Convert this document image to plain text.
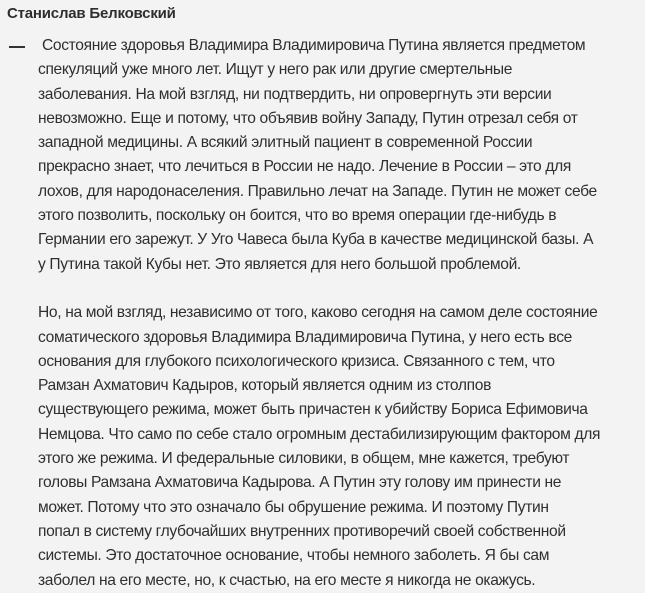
Станислав Белковский

Состояние здоровья Владимира Владимировича Путина является предметом
спекуляций уже много лет. Ищут у него рак или другие смертельные
заболевания. На мой взгляд, ни подтвердить, ни опровергнуть эти версии
невозможно. Еще и потому, что объявив войну Западу, Путин отрезал себя от
западной медицины. А всякий элитный пациент в современной России
прекрасно знает, что лечиться в России не надо. Лечение в России – это для
лохов, для народонаселения. Правильно лечат на Западе. Путин не может себе
этого позволить, поскольку он боится, что во время операции где-нибудь в
Германии его зарежут. У Уго Чавеса была Куба в качестве медицинской базы. А
у Путина такой Кубы нет. Это является для него большой проблемой.

Но, на мой взгляд, независимо от того, каково сегодня на самом деле состояние
соматического здоровья Владимира Владимировича Путина, у него есть все
основания для глубокого психологического кризиса. Связанного с тем, что
Рамзан Ахматович Кадыров, который является одним из столпов
существующего режима, может быть причастен к убийству Бориса Ефимовича
Немцова. Что само по себе стало огромным дестабилизирующим фактором для
этого же режима. И федеральные силовики, в общем, мне кажется, требуют
головы Рамзана Ахматовича Кадырова. А Путин эту голову им принести не
может. Потому что это означало бы обрушение режима. И поэтому Путин
попал в систему глубочайших внутренних противоречий своей собственной
системы. Это достаточное основание, чтобы немного заболеть. Я бы сам
заболел на его месте, но, к счастью, на его месте я никогда не окажусь.
